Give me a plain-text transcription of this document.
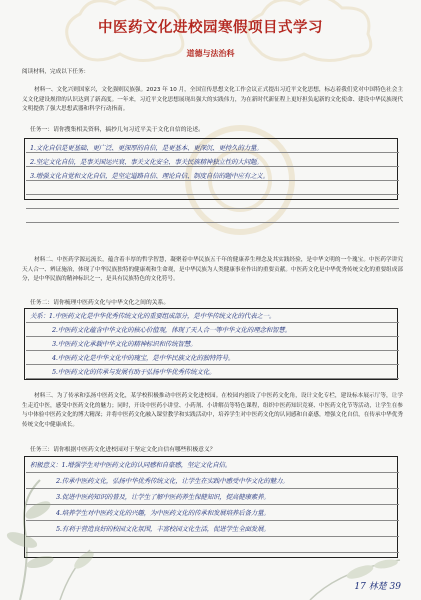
中医药文化进校园寒假项目式学习
道德与法治科
阅读材料，完成以下任务：
材料一、文化兴则国家兴，文化强则民族强。2023 年 10 月，全国宣传思想文化工作会议正式提出习近平文化思想，标志着我们党对中国特色社会主义文化建设规律的认识达到了新高度。一年来，习近平文化思想展现出强大的实践伟力，为在新时代新征程上更好担负起新的文化使命、建设中华民族现代文明提供了强大思想武器和科学行动指南。
任务一：请你搜集相关资料，搞抄几句习近平关于文化自信的论述。
1.文化自信是更基础、更广泛、更深厚的自信，是更基本、更深沉、更持久的力量。
2.坚定文化自信，是事关国运兴衰、事关文化安全、事关民族精神独立性的大问题。
3.增强文化自觉和文化自信，是坚定道路自信、理论自信、制度自信的题中应有之义。
材料二、中医药学源远流长，蕴含着丰厚的哲学智慧，凝聚着中华民族五千年的健康养生理念及其实践经验，是中华文明的一个瑰宝。中医药学讲究天人合一、辨证施治，体现了中华民族独特的健康观和生命观，是中华民族为人类健康事业作出的重要贡献。中医药文化是中华优秀传统文化的重要组成部分，是中华民族的精神标识之一，是具有民族特色的文化符号。
任务二：请你梳理中医药文化与中华文化之间的关系。
关系：1.中医药文化是中华优秀传统文化的重要组成部分，是中华传统文化的代表之一。
2.中医药文化蕴含中华文化的核心价值观，体现了天人合一等中华文化的理念和智慧。
3.中医药文化承载中华文化的精神标识和传统智慧。
4.中医药文化是中华文化中的瑰宝，是中华民族文化的独特符号。
5.中医药文化的传承与发展有助于弘扬中华优秀传统文化。
材料三、为了传承和弘扬中医药文化，某学校积极推动中医药文化进校园。在校园内创设了中医药文化角，设计文化专栏，建设标本展示厅等，让学生走近中医，感受中医药文化的魅力；同时，开设中医药小讲堂、小药剂、小讲解员等特色课程，组织中医药知识竞赛、中医药文化节等活动，让学生在参与中体验中医药文化的博大精深；并将中医药文化融入课堂教学和实践活动中，培养学生对中医药文化的认同感和自豪感，增强文化自信，在传承中华优秀传统文化中健康成长。
任务三：请你根据中医药文化进校园对于坚定文化自信有哪些积极意义？
积极意义：1.增强学生对中医药文化的认同感和自豪感，坚定文化自信。
2.传承中医药文化，弘扬中华优秀传统文化，让学生在实践中感受中华文化的魅力。
3.促进中医药知识的普及，让学生了解中医药养生保健知识，提高健康素养。
4.培养学生对中医药文化的兴趣，为中医药文化的传承和发展培养后备力量。
5.有利于营造良好的校园文化氛围，丰富校园文化生活，促进学生全面发展。
17 林楚 39
